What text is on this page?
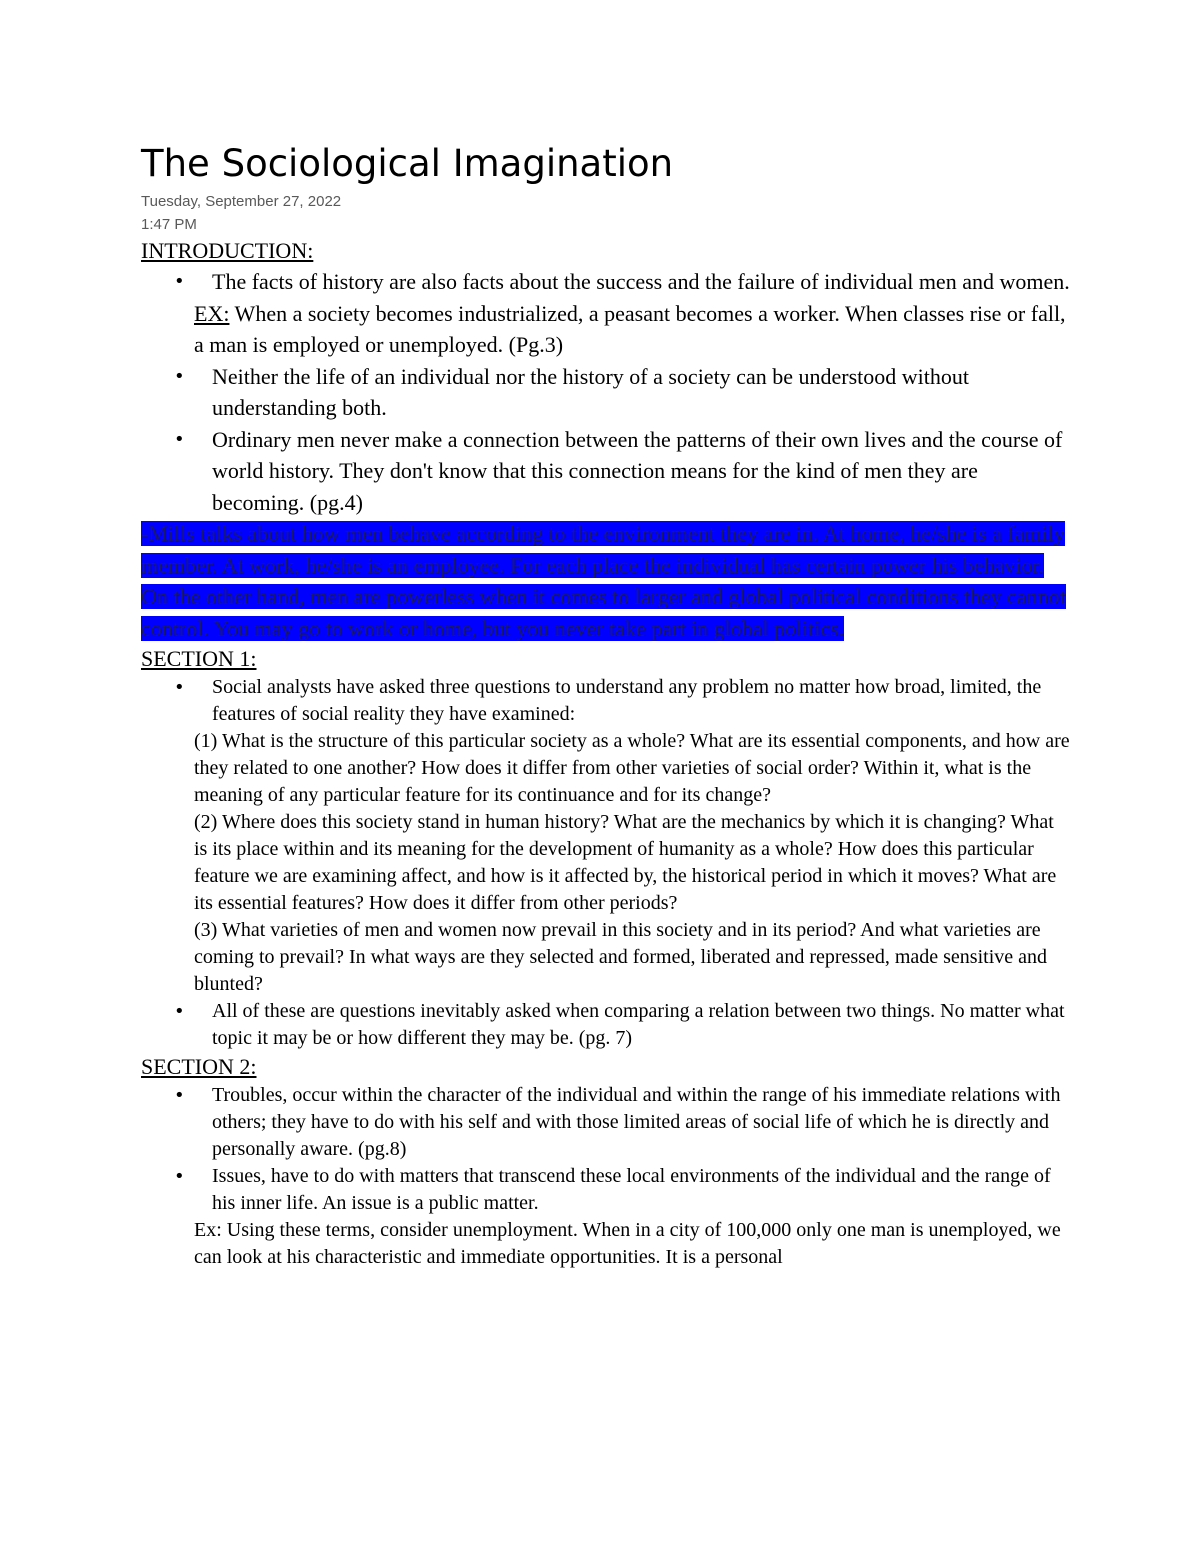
The Sociological Imagination

Tuesday, September 27, 2022

1:47 PM

INTRODUCTION:
• The facts of history are also facts about the success and the failure of individual men and women.
EX: When a society becomes industrialized, a peasant becomes a worker. When classes rise or fall, a man is employed or unemployed. (Pg.3)
• Neither the life of an individual nor the history of a society can be understood without understanding both.
• Ordinary men never make a connection between the patterns of their own lives and the course of world history. They don't know that this connection means for the kind of men they are becoming. (pg.4)

-Mills talks about how men behave according to the environment they are in. At home, he/she is a family member. At work, he/she is an employee. For each place the individual has certain power his behavior. On the other hand, men are powerless when it comes to larger and global political conditions they cannot control. You may go to work or home, but you never take part in global politics.

SECTION 1:
• Social analysts have asked three questions to understand any problem no matter how broad, limited, the features of social reality they have examined:
(1) What is the structure of this particular society as a whole? What are its essential components, and how are they related to one another? How does it differ from other varieties of social order? Within it, what is the meaning of any particular feature for its continuance and for its change?
(2) Where does this society stand in human history? What are the mechanics by which it is changing? What is its place within and its meaning for the development of humanity as a whole? How does this particular feature we are examining affect, and how is it affected by, the historical period in which it moves? What are its essential features? How does it differ from other periods?
(3) What varieties of men and women now prevail in this society and in its period? And what varieties are coming to prevail? In what ways are they selected and formed, liberated and repressed, made sensitive and blunted?
• All of these are questions inevitably asked when comparing a relation between two things. No matter what topic it may be or how different they may be. (pg. 7)
SECTION 2:
• Troubles, occur within the character of the individual and within the range of his immediate relations with others; they have to do with his self and with those limited areas of social life of which he is directly and personally aware. (pg.8)
• Issues, have to do with matters that transcend these local environments of the individual and the range of his inner life. An issue is a public matter.
Ex: Using these terms, consider unemployment. When in a city of 100,000 only one man is unemployed, we can look at his characteristic and immediate opportunities. It is a personal
